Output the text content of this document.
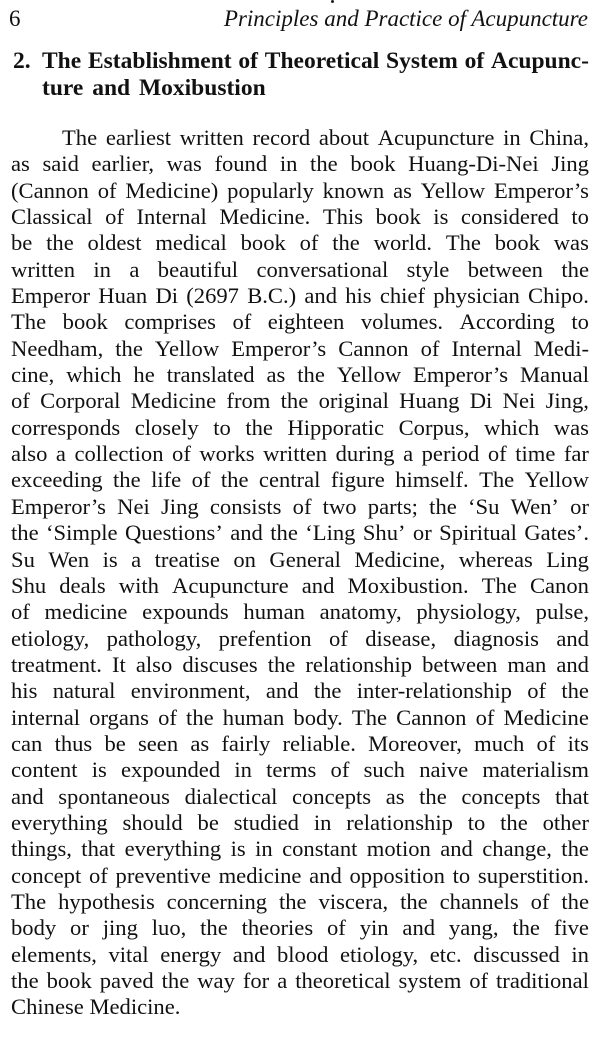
6	Principles and Practice of Acupuncture
2. The Establishment of Theoretical System of Acupunc-
ture and Moxibustion
The earliest written record about Acupuncture in China,
as said earlier, was found in the book Huang-Di-Nei Jing
(Cannon of Medicine) popularly known as Yellow Emperor’s
Classical of Internal Medicine. This book is considered to
be the oldest medical book of the world. The book was
written in a beautiful conversational style between the
Emperor Huan Di (2697 B.C.) and his chief physician Chipo.
The book comprises of eighteen volumes. According to
Needham, the Yellow Emperor’s Cannon of Internal Medi-
cine, which he translated as the Yellow Emperor’s Manual
of Corporal Medicine from the original Huang Di Nei Jing,
corresponds closely to the Hipporatic Corpus, which was
also a collection of works written during a period of time far
exceeding the life of the central figure himself. The Yellow
Emperor’s Nei Jing consists of two parts; the ‘Su Wen’ or
the ‘Simple Questions’ and the ‘Ling Shu’ or Spiritual Gates’.
Su Wen is a treatise on General Medicine, whereas Ling
Shu deals with Acupuncture and Moxibustion. The Canon
of medicine expounds human anatomy, physiology, pulse,
etiology, pathology, prefention of disease, diagnosis and
treatment. It also discuses the relationship between man and
his natural environment, and the inter-relationship of the
internal organs of the human body. The Cannon of Medicine
can thus be seen as fairly reliable. Moreover, much of its
content is expounded in terms of such naive materialism
and spontaneous dialectical concepts as the concepts that
everything should be studied in relationship to the other
things, that everything is in constant motion and change, the
concept of preventive medicine and opposition to superstition.
The hypothesis concerning the viscera, the channels of the
body or jing luo, the theories of yin and yang, the five
elements, vital energy and blood etiology, etc. discussed in
the book paved the way for a theoretical system of traditional
Chinese Medicine.
